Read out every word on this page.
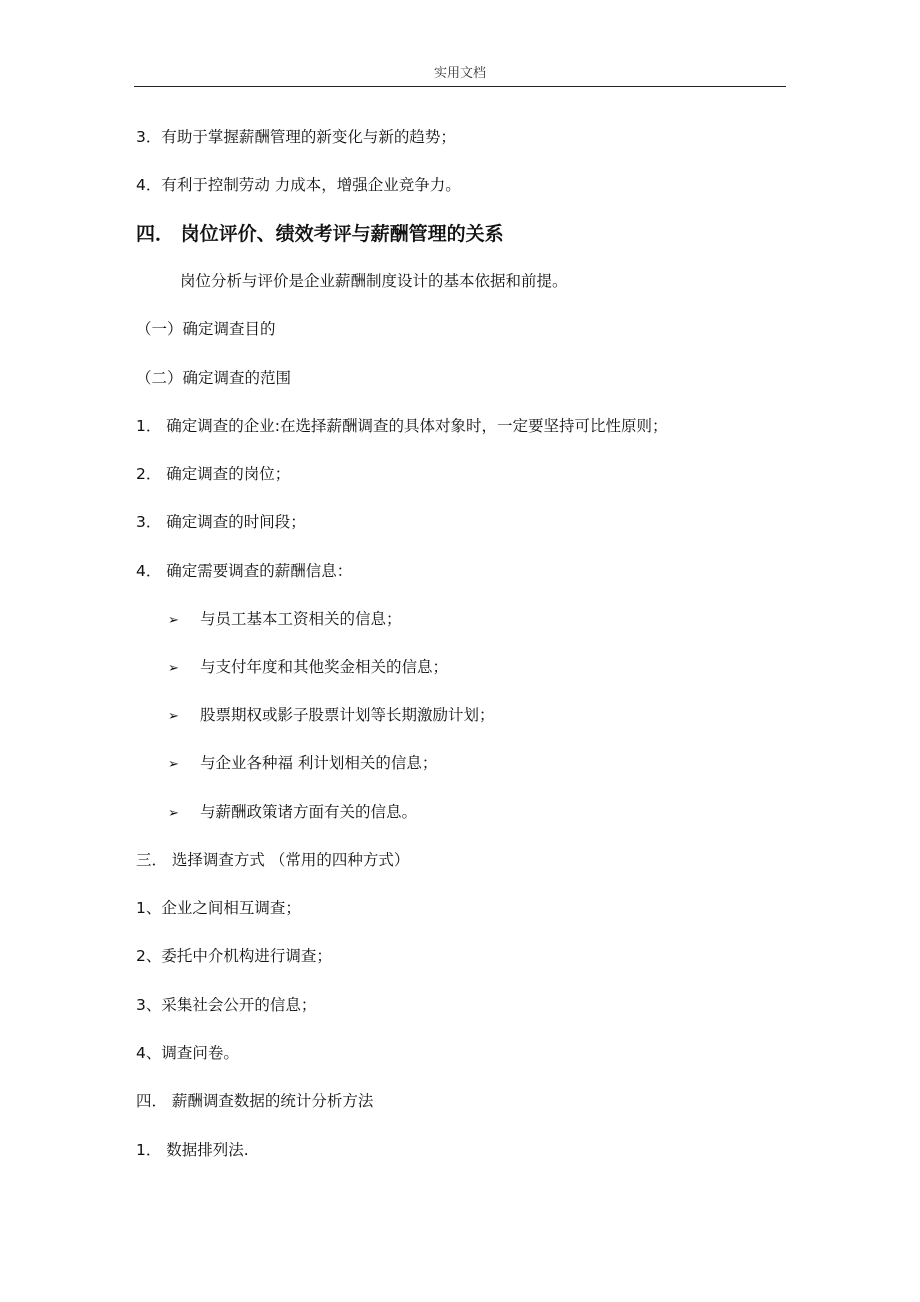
实用文档
3．有助于掌握薪酬管理的新变化与新的趋势；
4．有利于控制劳动 力成本，增强企业竞争力。
四． 岗位评价、绩效考评与薪酬管理的关系
岗位分析与评价是企业薪酬制度设计的基本依据和前提。
（一）确定调查目的
（二）确定调查的范围
1． 确定调查的企业:在选择薪酬调查的具体对象时，一定要坚持可比性原则；
2． 确定调查的岗位；
3． 确定调查的时间段；
4． 确定需要调查的薪酬信息：
➢ 与员工基本工资相关的信息；
➢ 与支付年度和其他奖金相关的信息；
➢ 股票期权或影子股票计划等长期激励计划；
➢ 与企业各种福 利计划相关的信息；
➢ 与薪酬政策诸方面有关的信息。
三． 选择调查方式 （常用的四种方式）
1、企业之间相互调查；
2、委托中介机构进行调查；
3、采集社会公开的信息；
4、调查问卷。
四． 薪酬调查数据的统计分析方法
1． 数据排列法.
